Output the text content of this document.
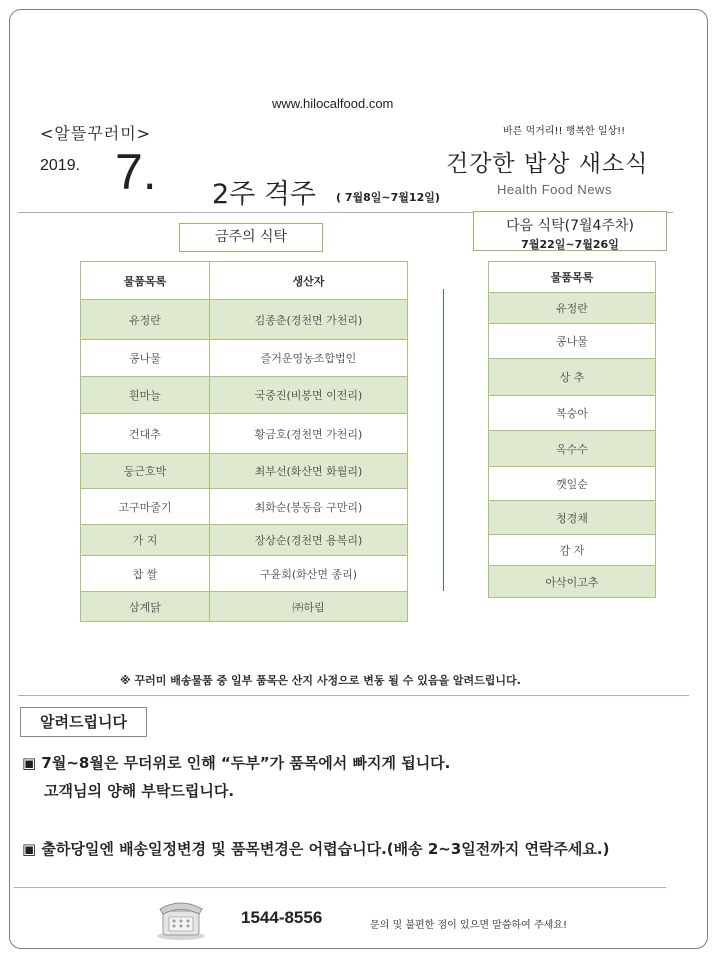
www.hilocalfood.com
<알뜰꾸러미>
2019. 7. 2주 격주 ( 7월8일~7월12일)
바른 먹거리!! 행복한 일상!!
건강한 밥상 새소식
Health Food News
금주의 식탁
다음 식탁(7월4주차)
7월22일~7월26일
물품목록	생산자
유정란	김종춘(경천면 가천리)
콩나물	즐거운영농조합법인
흰마늘	국중진(비봉면 이전리)
건대추	황금호(경천면 가천리)
둥근호박	최부선(화산면 화월리)
고구마줄기	최화순(봉동읍 구만리)
가 지	장상순(경천면 용복리)
찹 쌀	구윤회(화산면 종리)
삼계닭	㈜하림
물품목록
유정란
콩나물
상 추
복숭아
옥수수
깻잎순
청경채
감 자
아삭이고추
※ 꾸러미 배송물품 중 일부 품목은 산지 사정으로 변동 될 수 있음을 알려드립니다.
알려드립니다
▣ 7월~8월은 무더위로 인해 “두부”가 품목에서 빠지게 됩니다.
고객님의 양해 부탁드립니다.
▣ 출하당일엔 배송일정변경 및 품목변경은 어렵습니다.(배송 2~3일전까지 연락주세요.)
1544-8556	문의 및 불편한 점이 있으면 말씀하여 주세요!
